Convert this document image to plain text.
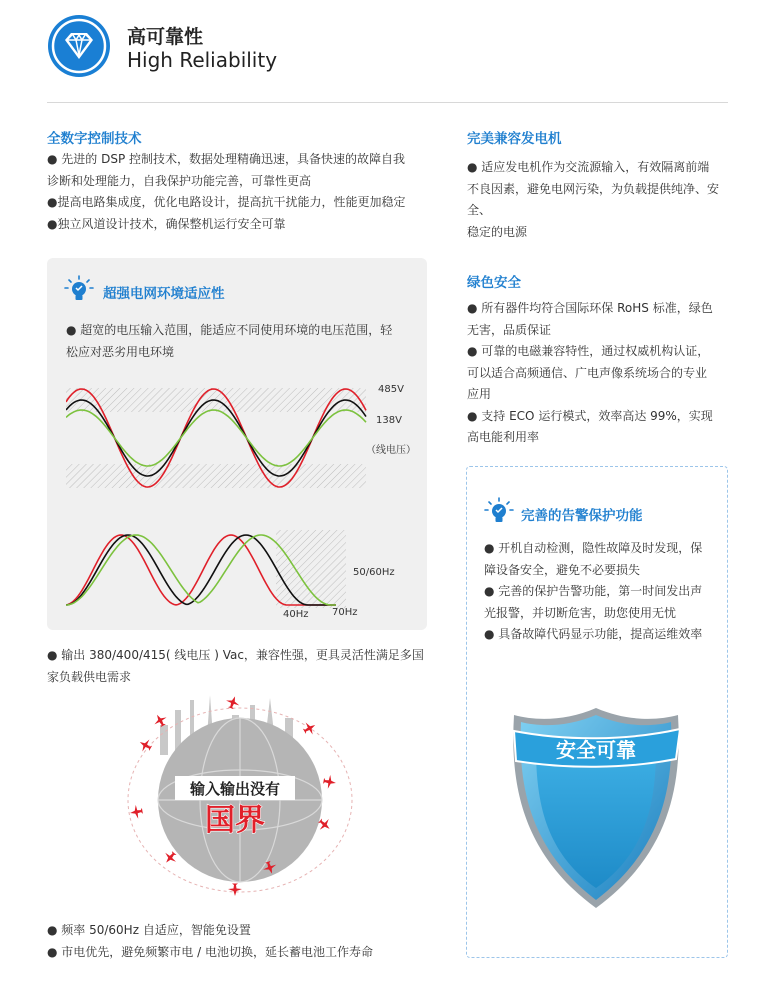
高可靠性
High Reliability
全数字控制技术
● 先进的 DSP 控制技术，数据处理精确迅速，具备快速的故障自我
诊断和处理能力，自我保护功能完善，可靠性更高
●提高电路集成度，优化电路设计，提高抗干扰能力，性能更加稳定
●独立风道设计技术，确保整机运行安全可靠
超强电网环境适应性
● 超宽的电压输入范围，能适应不同使用环境的电压范围，轻
松应对恶劣用电环境
485V
138V
（线电压）
50/60Hz
40Hz 70Hz
● 输出 380/400/415( 线电压 ) Vac，兼容性强，更具灵活性满足多国
家负载供电需求
输入输出没有
国界
● 频率 50/60Hz 自适应，智能免设置
● 市电优先，避免频繁市电 / 电池切换，延长蓄电池工作寿命
完美兼容发电机
● 适应发电机作为交流源输入，有效隔离前端
不良因素，避免电网污染，为负载提供纯净、安全、
稳定的电源
绿色安全
● 所有器件均符合国际环保 RoHS 标准，绿色
无害，品质保证
● 可靠的电磁兼容特性，通过权威机构认证，
可以适合高频通信、广电声像系统场合的专业
应用
● 支持 ECO 运行模式，效率高达 99%，实现
高电能利用率
完善的告警保护功能
● 开机自动检测，隐性故障及时发现，保
障设备安全，避免不必要损失
● 完善的保护告警功能，第一时间发出声
光报警，并切断危害，助您使用无忧
● 具备故障代码显示功能，提高运维效率
安全可靠
